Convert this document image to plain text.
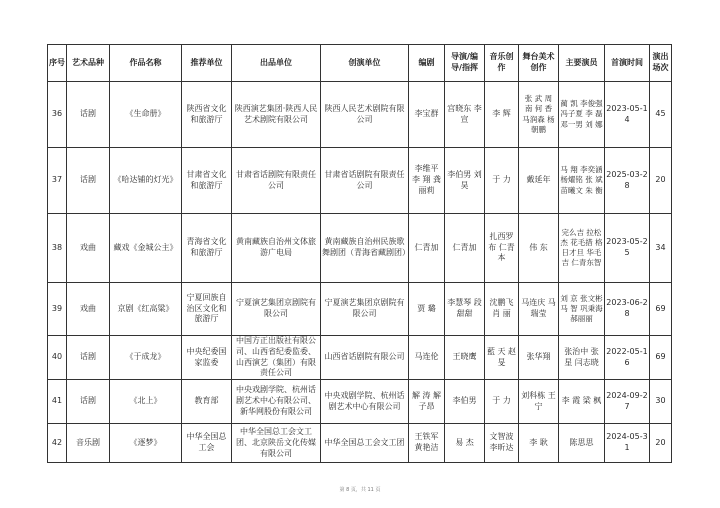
序号	艺术品种	作品名称	推荐单位	出品单位	创演单位	编剧	导演/编导/指挥	音乐创作	舞台美术创作	主要演员	首演时间	演出场次
36	话剧	《生命册》	陕西省文化和旅游厅	陕西演艺集团·陕西人民艺术剧院有限公司	陕西人民艺术剧院有限公司	李宝群	宫晓东 李 宣	李 辉	张 武 周 南 何 香 马润森 杨朝鹏	蔺 凯 李俊强 冯子夏 李 磊 邓一男 刘 娜	2023-05-14	45
37	话剧	《哈达铺的灯光》	甘肃省文化和旅游厅	甘肃省话剧院有限责任公司	甘肃省话剧院有限责任公司	李维平 李 翔 龚丽莉	李伯男 刘 昊	于 力	戴延年	马 翔 李奕涵 杨燿铭 张 斌 苗曦文 朱 衡	2025-03-28	20
38	戏曲	藏戏《金城公主》	青海省文化和旅游厅	黄南藏族自治州文体旅游广电局	黄南藏族自治州民族歌舞剧团（青海省藏剧团）	仁青加	仁青加	扎西罗布 仁青本	伟 东	完么吉 拉松杰 花毛措 格日才旦 华毛吉 仁青东智	2023-05-25	34
39	戏曲	京剧《红高粱》	宁夏回族自治区文化和旅游厅	宁夏演艺集团京剧院有限公司	宁夏演艺集团京剧院有限公司	贾 璐	李慧琴 段甜甜	沈鹏飞 肖 丽	马连庆 马瑞莹	刘 京 张文彬 马 智 巩秉海 郝丽丽	2023-06-28	69
40	话剧	《于成龙》	中央纪委国家监委	中国方正出版社有限公司、山西省纪委监委、山西演艺（集团）有限责任公司	山西省话剧院有限公司	马连伦	王晓鹰	藍 天 赵 旻	张华翔	张治中 张 星 闫志晓	2022-05-16	69
41	话剧	《北上》	教育部	中央戏剧学院、杭州话剧艺术中心有限公司、新华网股份有限公司	中央戏剧学院、杭州话剧艺术中心有限公司	解 涛 解子昂	李伯男	于 力	刘科栋 王 宁	李 霞 梁 枫	2024-09-27	30
42	音乐剧	《逐梦》	中华全国总工会	中华全国总工会文工团、北京陕岳文化传媒有限公司	中华全国总工会文工团	王铁军 黄艳洁	易 杰	文智波 李昕达	李 耿	陈思思	2024-05-31	20
第 8 页，共 11 页
